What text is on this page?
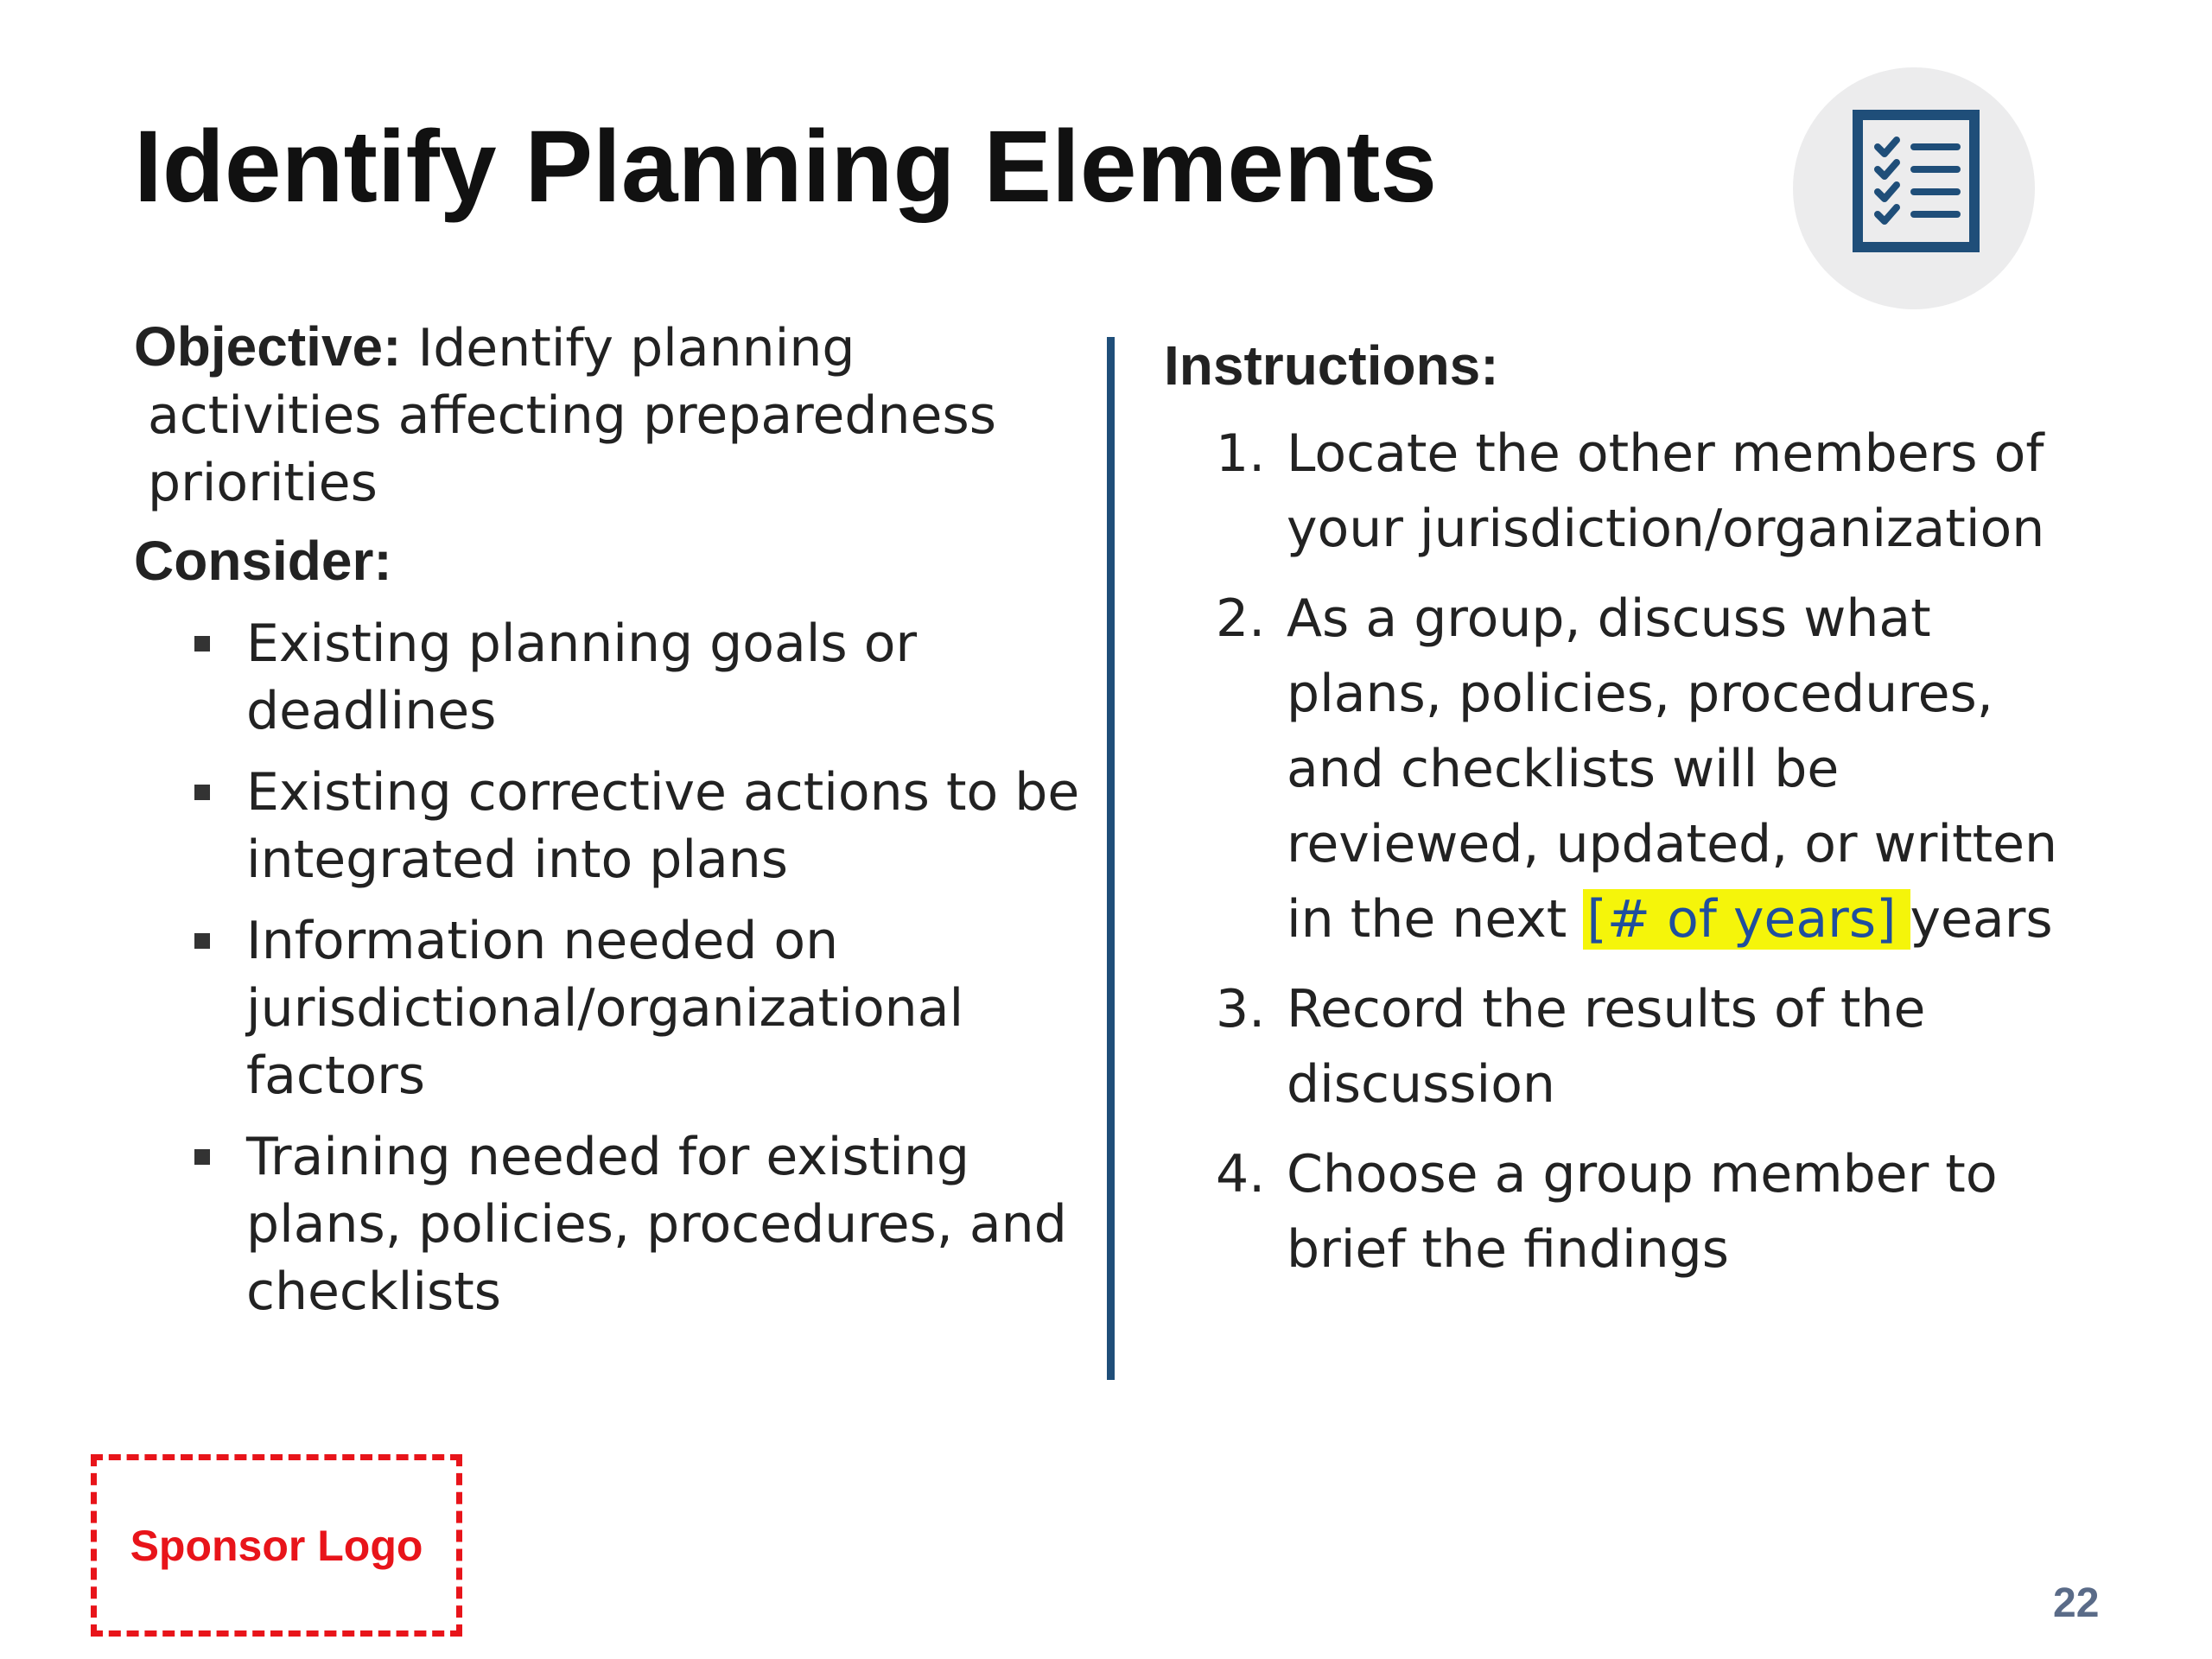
Identify Planning Elements

Objective: Identify planning

activities affecting preparedness

priorities

Consider:
Existing planning goals or
deadlines
Existing corrective actions to be
integrated into plans
Information needed on
jurisdictional/organizational
factors
Training needed for existing
plans, policies, procedures, and
checklists
Instructions:
1. Locate the other members of
your jurisdiction/organization
2. As a group, discuss what
plans, policies, procedures,
and checklists will be
reviewed, updated, or written
in the next [# of years] years
3. Record the results of the
discussion
4. Choose a group member to
brief the findings
Sponsor Logo
22
